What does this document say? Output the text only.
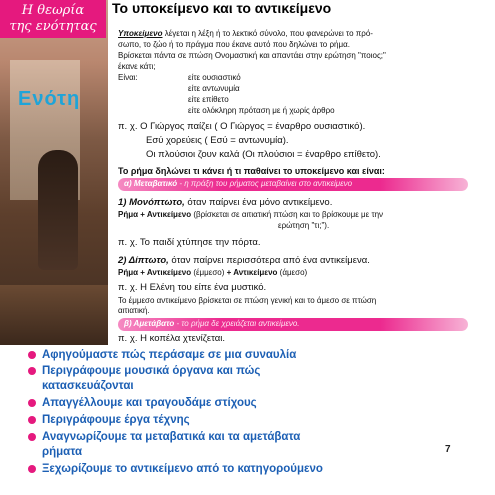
Η θεωρία
της ενότητας
Ενότη
Το υποκείμενο και το αντικείμενο
Υποκείμενο λέγεται η λέξη ή το λεκτικό σύνολο, που φανερώνει το πρό-
σωπο, το ζώο ή το πράγμα που έκανε αυτό που δηλώνει το ρήμα.
Βρίσκεται πάντα σε πτώση Ονομαστική και απαντάει στην ερώτηση "ποιος;"
έκανε κάτι;
Είναι:	είτε ουσιαστικό
είτε αντωνυμία
είτε επίθετο
είτε ολόκληρη πρόταση με ή χωρίς άρθρο
π. χ. Ο Γιώργος παίζει ( Ο Γιώργος = έναρθρο ουσιαστικό).
Εσύ χορεύεις ( Εσύ = αντωνυμία).
Οι πλούσιοι ζουν καλά (Οι πλούσιοι = έναρθρο επίθετο).
Το ρήμα δηλώνει τι κάνει ή τι παθαίνει το υποκείμενο και είναι:
α) Μεταβατικό - η πράξη του ρήματος μεταβαίνει στο αντικείμενο
1) Μονόπτωτο, όταν παίρνει ένα μόνο αντικείμενο.
Ρήμα + Αντικείμενο (βρίσκεται σε αιτιατική πτώση και το βρίσκουμε με την
ερώτηση "τι;").
π. χ. Το παιδί χτύπησε την πόρτα.
2) Δίπτωτο, όταν παίρνει περισσότερα από ένα αντικείμενα.
Ρήμα + Αντικείμενο (έμμεσο) + Αντικείμενο (άμεσο)
π. χ. Η Ελένη του είπε ένα μυστικό.
Το έμμεσο αντικείμενο βρίσκεται σε πτώση γενική και το άμεσο σε πτώση
αιτιατική.
β) Αμετάβατο - το ρήμα δε χρειάζεται αντικείμενο.
π. χ. Η κοπέλα χτενίζεται.
Αφηγούμαστε πώς περάσαμε σε μια συναυλία
Περιγράφουμε μουσικά όργανα και πώς
κατασκευάζονται
Απαγγέλλουμε και τραγουδάμε στίχους
Περιγράφουμε έργα τέχνης
Αναγνωρίζουμε τα μεταβατικά και τα αμετάβατα
ρήματα
Ξεχωρίζουμε το αντικείμενο από το κατηγορούμενο
7
